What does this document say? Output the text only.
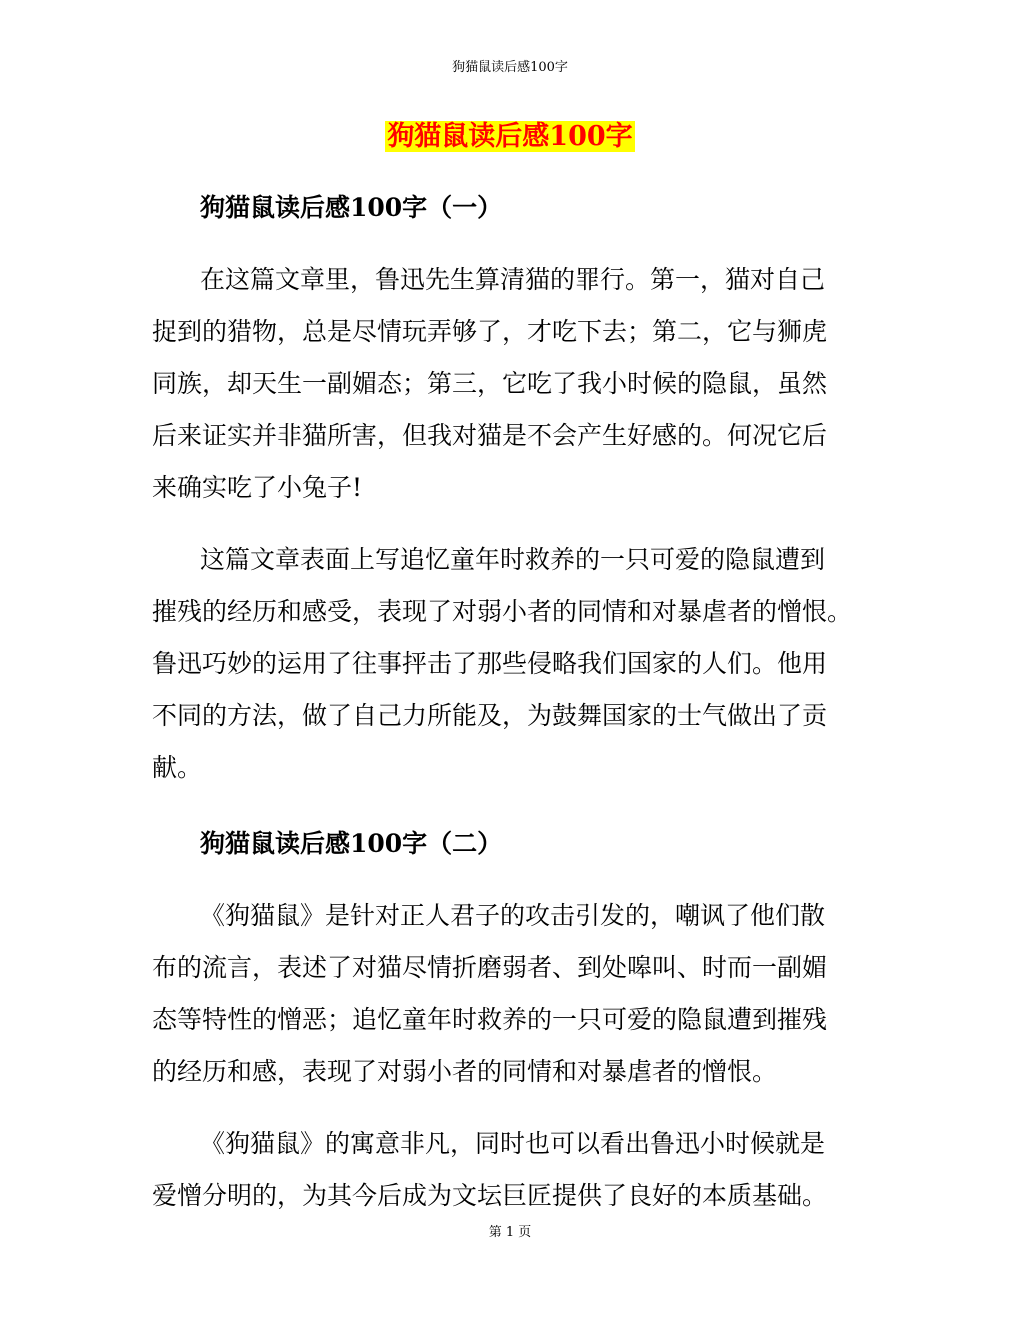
狗猫鼠读后感100字
狗猫鼠读后感100字
狗猫鼠读后感100字（一）
在这篇文章里，鲁迅先生算清猫的罪行。第一，猫对自己
捉到的猎物，总是尽情玩弄够了，才吃下去；第二，它与狮虎
同族，却天生一副媚态；第三，它吃了我小时候的隐鼠，虽然
后来证实并非猫所害，但我对猫是不会产生好感的。何况它后
来确实吃了小兔子!
这篇文章表面上写追忆童年时救养的一只可爱的隐鼠遭到
摧残的经历和感受，表现了对弱小者的同情和对暴虐者的憎恨。
鲁迅巧妙的运用了往事抨击了那些侵略我们国家的人们。他用
不同的方法，做了自己力所能及，为鼓舞国家的士气做出了贡
献。
狗猫鼠读后感100字（二）
《狗猫鼠》是针对正人君子的攻击引发的，嘲讽了他们散
布的流言，表述了对猫尽情折磨弱者、到处嗥叫、时而一副媚
态等特性的憎恶；追忆童年时救养的一只可爱的隐鼠遭到摧残
的经历和感，表现了对弱小者的同情和对暴虐者的憎恨。
《狗猫鼠》的寓意非凡，同时也可以看出鲁迅小时候就是
爱憎分明的，为其今后成为文坛巨匠提供了良好的本质基础。
第 1 页
